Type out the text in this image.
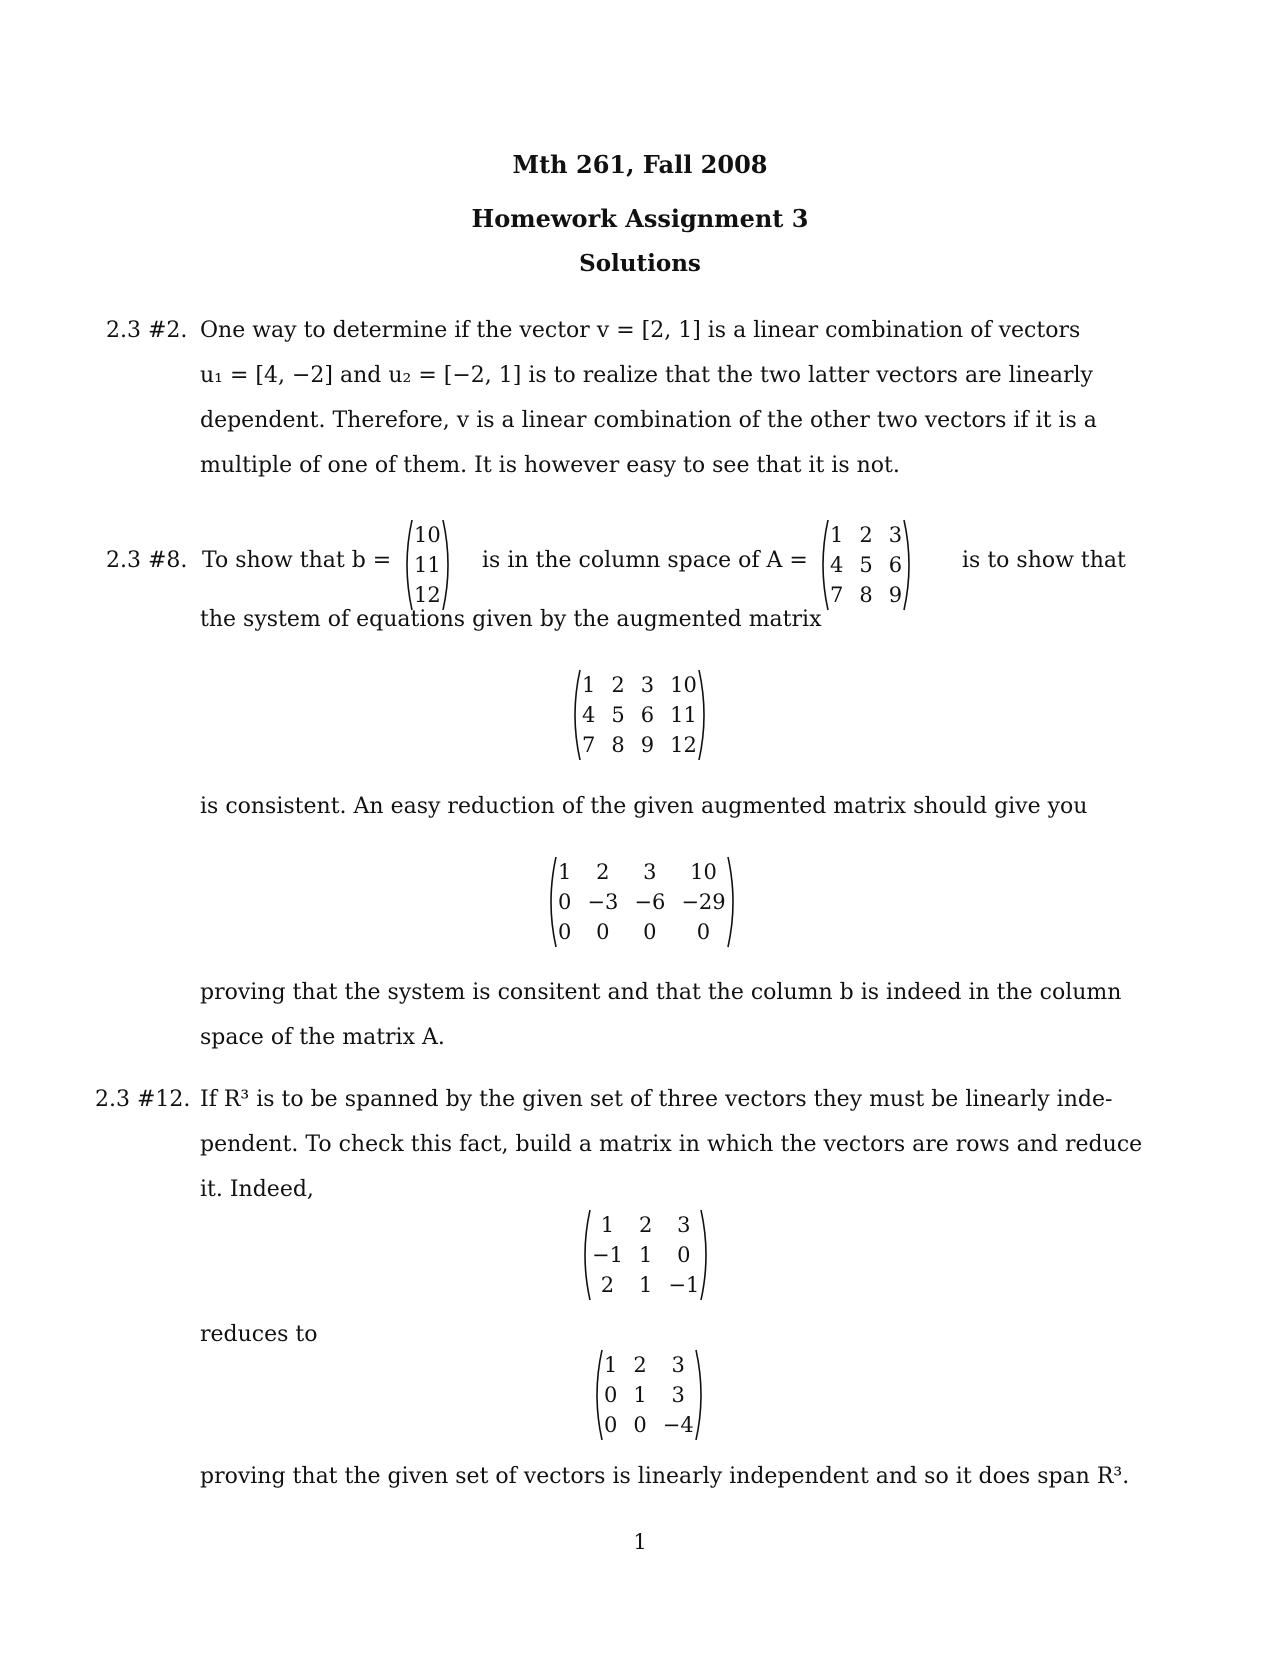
Mth 261, Fall 2008
Homework Assignment 3
Solutions
2.3 #2. One way to determine if the vector v = [2, 1] is a linear combination of vectors
u₁ = [4, −2] and u₂ = [−2, 1] is to realize that the two latter vectors are linearly
dependent. Therefore, v is a linear combination of the other two vectors if it is a
multiple of one of them. It is however easy to see that it is not.
2.3 #8. To show that b =
10
11
12
is in the column space of A =
1 2 3
4 5 6
7 8 9
is to show that
the system of equations given by the augmented matrix
1 2 3 10
4 5 6 11
7 8 9 12
is consistent. An easy reduction of the given augmented matrix should give you
1	2	3	10
0 −3 −6 −29
0	0	0	0
proving that the system is consitent and that the column b is indeed in the column
space of the matrix A.
2.3 #12. If R³ is to be spanned by the given set of three vectors they must be linearly inde-
pendent. To check this fact, build a matrix in which the vectors are rows and reduce
it. Indeed,
1	2	3
−1 1	0
2	1 −1
reduces to
1 2	3
0 1	3
0 0 −4
proving that the given set of vectors is linearly independent and so it does span R³.
1
